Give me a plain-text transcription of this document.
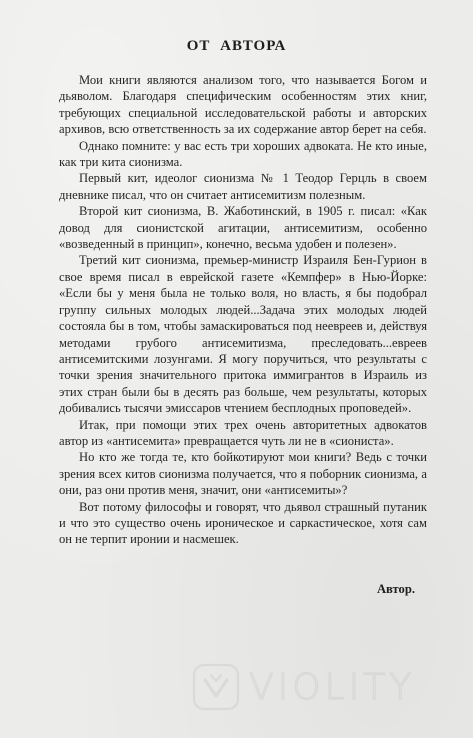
ОТ АВТОРА

Мои книги являются анализом того, что называется Богом и дьяволом. Благодаря специфическим особенностям этих книг, требующих специальной исследовательской работы и авторских архивов, всю ответственность за их содержание автор берет на себя.

Однако помните: у вас есть три хороших адвоката. Не кто иные, как три кита сионизма.

Первый кит, идеолог сионизма № 1 Теодор Герцль в своем дневнике писал, что он считает антисемитизм полезным.

Второй кит сионизма, В. Жаботинский, в 1905 г. писал: «Как довод для сионистской агитации, антисемитизм, особенно «возведенный в принцип», конечно, весьма удобен и полезен».

Третий кит сионизма, премьер-министр Израиля Бен-Гурион в свое время писал в еврейской газете «Кемпфер» в Нью-Йорке: «Если бы у меня была не только воля, но власть, я бы подобрал группу сильных молодых людей...Задача этих молодых людей состояла бы в том, чтобы замаскироваться под неевреев и, действуя методами грубого антисемитизма, преследовать...евреев антисемитскими лозунгами. Я могу поручиться, что результаты с точки зрения значительного притока иммигрантов в Израиль из этих стран были бы в десять раз больше, чем результаты, которых добивались тысячи эмиссаров чтением бесплодных проповедей».

Итак, при помощи этих трех очень авторитетных адвокатов автор из «антисемита» превращается чуть ли не в «сиониста».

Но кто же тогда те, кто бойкотируют мои книги? Ведь с точки зрения всех китов сионизма получается, что я поборник сионизма, а они, раз они против меня, значит, они «антисемиты»?

Вот потому философы и говорят, что дьявол страшный путаник и что это существо очень ироническое и саркастическое, хотя сам он не терпит иронии и насмешек.

Автор.
VIOLITY
